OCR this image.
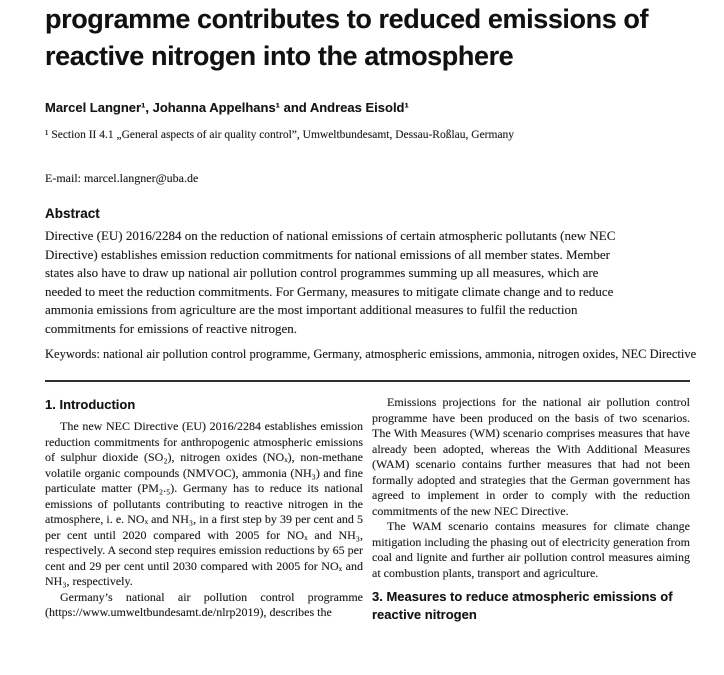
programme contributes to reduced emissions of
reactive nitrogen into the atmosphere
Marcel Langner¹, Johanna Appelhans¹ and Andreas Eisold¹
¹ Section II 4.1 „General aspects of air quality control”, Umweltbundesamt, Dessau-Roßlau, Germany
E-mail: marcel.langner@uba.de
Abstract

Directive (EU) 2016/2284 on the reduction of national emissions of certain atmospheric pollutants (new NEC Directive) establishes emission reduction commitments for national emissions of all member states. Member states also have to draw up national air pollution control programmes summing up all measures, which are needed to meet the reduction commitments. For Germany, measures to mitigate climate change and to reduce ammonia emissions from agriculture are the most important additional measures to fulfil the reduction commitments for emissions of reactive nitrogen.

Keywords: national air pollution control programme, Germany, atmospheric emissions, ammonia, nitrogen oxides, NEC Directive

1. Introduction

The new NEC Directive (EU) 2016/2284 establishes emission reduction commitments for anthropogenic atmospheric emissions of sulphur dioxide (SO₂), nitrogen oxides (NOₓ), non-methane volatile organic compounds (NMVOC), ammonia (NH₃) and fine particulate matter (PM₂.₅). Germany has to reduce its national emissions of pollutants contributing to reactive nitrogen in the atmosphere, i. e. NOₓ and NH₃, in a first step by 39 per cent and 5 per cent until 2020 compared with 2005 for NOₓ and NH₃, respectively. A second step requires emission reductions by 65 per cent and 29 per cent until 2030 compared with 2005 for NOₓ and NH₃, respectively.

Germany’s national air pollution control programme (https://www.umweltbundesamt.de/nlrp2019), describes the

Emissions projections for the national air pollution control programme have been produced on the basis of two scenarios. The With Measures (WM) scenario comprises measures that have already been adopted, whereas the With Additional Measures (WAM) scenario contains further measures that had not been formally adopted and strategies that the German government has agreed to implement in order to comply with the reduction commitments of the new NEC Directive.

The WAM scenario contains measures for climate change mitigation including the phasing out of electricity generation from coal and lignite and further air pollution control measures aiming at combustion plants, transport and agriculture.

3. Measures to reduce atmospheric emissions of reactive nitrogen
